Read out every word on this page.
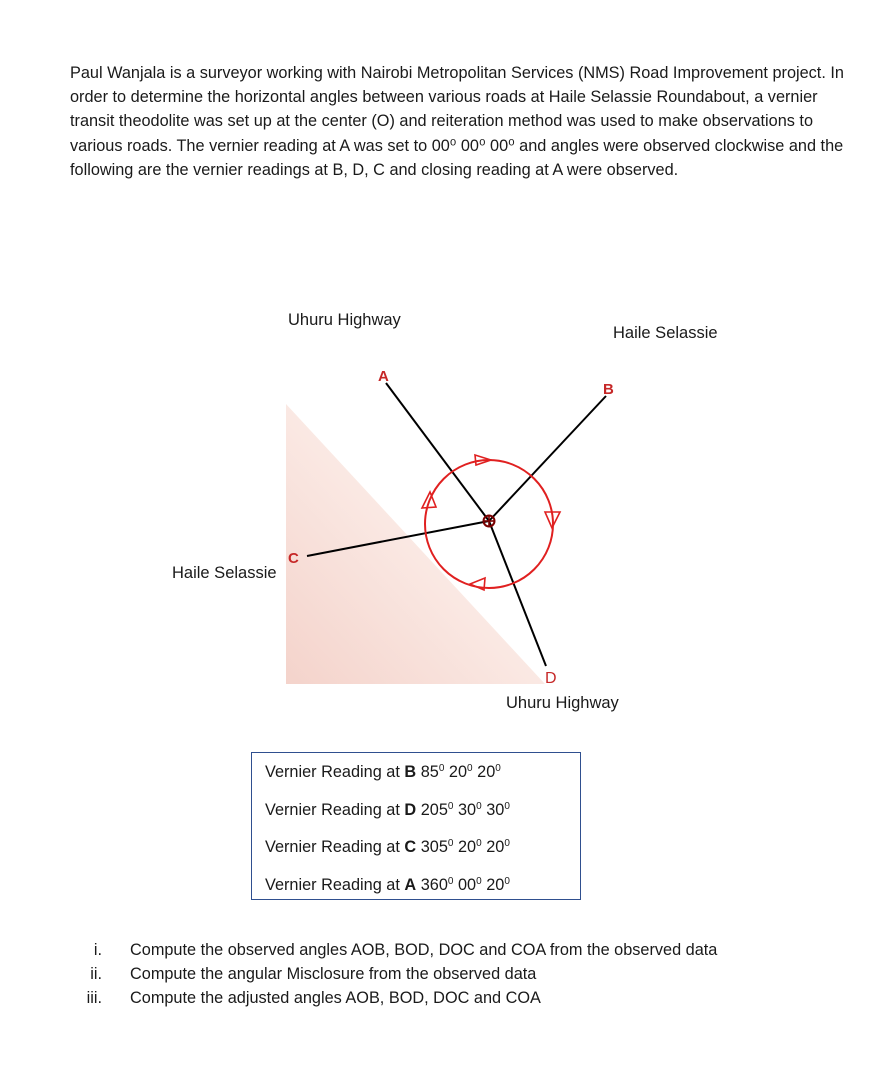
Paul Wanjala is a surveyor working with Nairobi Metropolitan Services (NMS) Road Improvement project. In order to determine the horizontal angles between various roads at Haile Selassie Roundabout, a vernier transit theodolite was set up at the center (O) and reiteration method was used to make observations to various roads. The vernier reading at A was set to 00⁰ 00⁰ 00⁰ and angles were observed clockwise and the following are the vernier readings at B, D, C and closing reading at A were observed.

Uhuru Highway
Haile Selassie
Haile Selassie
Uhuru Highway
A
B
C
D
Vernier Reading at B $85^0$ $20^0$ $20^0$
Vernier Reading at D $205^0$ $30^0$ $30^0$
Vernier Reading at C $305^0$ $20^0$ $20^0$
Vernier Reading at A $360^0$ $00^0$ $20^0$
i. Compute the observed angles AOB, BOD, DOC and COA from the observed data
ii. Compute the angular Misclosure from the observed data
iii. Compute the adjusted angles AOB, BOD, DOC and COA
